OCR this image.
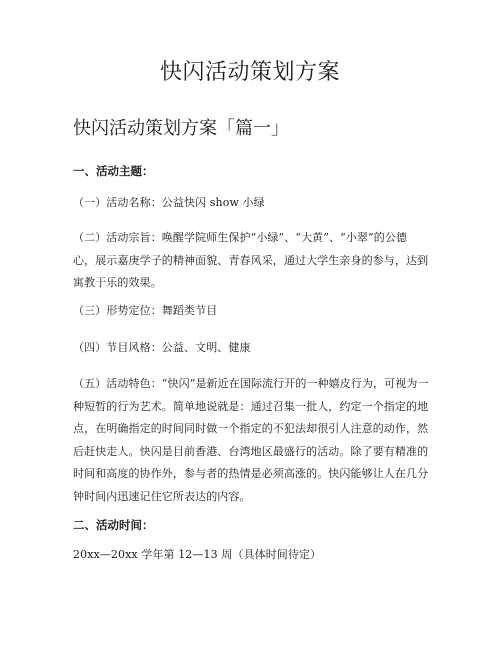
快闪活动策划方案
快闪活动策划方案「篇一」

一、活动主题：

（一）活动名称：公益快闪 show 小绿

（二）活动宗旨：唤醒学院师生保护“小绿”、“大黄”、“小翠”的公德心，展示嘉庚学子的精神面貌、青春风采，通过大学生亲身的参与，达到寓教于乐的效果。

（三）形势定位：舞蹈类节目

（四）节目风格：公益、文明、健康

（五）活动特色：“快闪”是新近在国际流行开的一种嬉皮行为，可视为一种短暂的行为艺术。简单地说就是：通过召集一批人，约定一个指定的地点，在明确指定的时间同时做一个指定的不犯法却很引人注意的动作，然后赶快走人。快闪是目前香港、台湾地区最盛行的活动。除了要有精准的时间和高度的协作外，参与者的热情是必须高涨的。快闪能够让人在几分钟时间内迅速记住它所表达的内容。

二、活动时间：

20xx—20xx 学年第 12—13 周（具体时间待定）
